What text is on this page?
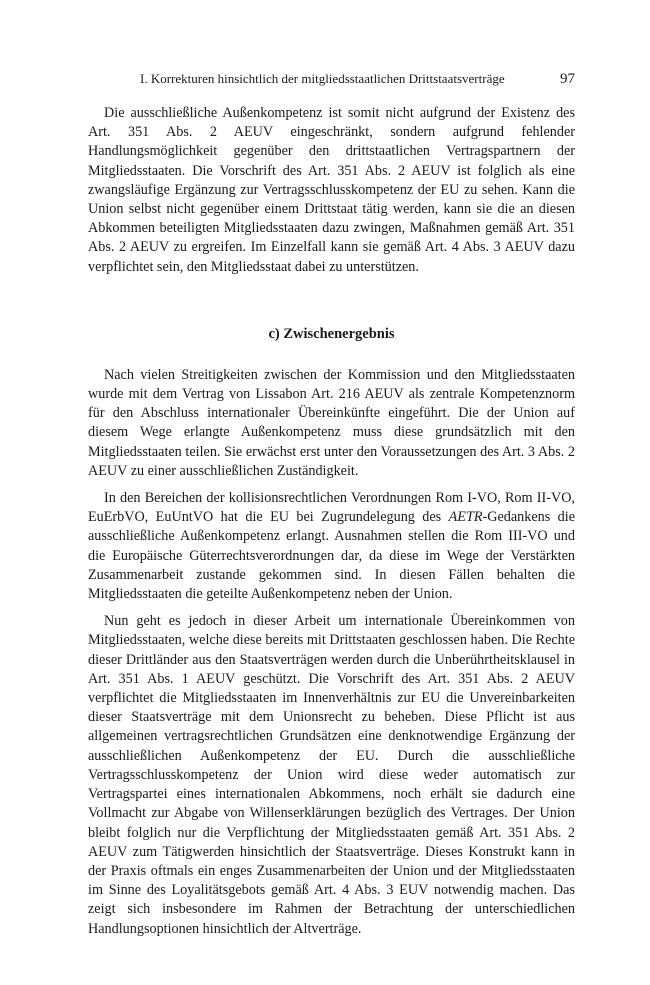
I. Korrekturen hinsichtlich der mitgliedsstaatlichen Drittstaatsverträge	97

Die ausschließliche Außenkompetenz ist somit nicht aufgrund der Existenz des Art. 351 Abs. 2 AEUV eingeschränkt, sondern aufgrund fehlender Handlungsmöglichkeit gegenüber den drittstaatlichen Vertragspartnern der Mitgliedsstaaten. Die Vorschrift des Art. 351 Abs. 2 AEUV ist folglich als eine zwangsläufige Ergänzung zur Vertragsschlusskompetenz der EU zu sehen. Kann die Union selbst nicht gegenüber einem Drittstaat tätig werden, kann sie die an diesen Abkommen beteiligten Mitgliedsstaaten dazu zwingen, Maßnahmen gemäß Art. 351 Abs. 2 AEUV zu ergreifen. Im Einzelfall kann sie gemäß Art. 4 Abs. 3 AEUV dazu verpflichtet sein, den Mitgliedsstaat dabei zu unterstützen.

c) Zwischenergebnis

Nach vielen Streitigkeiten zwischen der Kommission und den Mitgliedsstaaten wurde mit dem Vertrag von Lissabon Art. 216 AEUV als zentrale Kompetenznorm für den Abschluss internationaler Übereinkünfte eingeführt. Die der Union auf diesem Wege erlangte Außenkompetenz muss diese grundsätzlich mit den Mitgliedsstaaten teilen. Sie erwächst erst unter den Voraussetzungen des Art. 3 Abs. 2 AEUV zu einer ausschließlichen Zuständigkeit.

In den Bereichen der kollisionsrechtlichen Verordnungen Rom I-VO, Rom II-VO, EuErbVO, EuUntVO hat die EU bei Zugrundelegung des AETR-Gedankens die ausschließliche Außenkompetenz erlangt. Ausnahmen stellen die Rom III-VO und die Europäische Güterrechtsverordnungen dar, da diese im Wege der Verstärkten Zusammenarbeit zustande gekommen sind. In diesen Fällen behalten die Mitgliedsstaaten die geteilte Außenkompetenz neben der Union.

Nun geht es jedoch in dieser Arbeit um internationale Übereinkommen von Mitgliedsstaaten, welche diese bereits mit Drittstaaten geschlossen haben. Die Rechte dieser Drittländer aus den Staatsverträgen werden durch die Unberührtheitsklausel in Art. 351 Abs. 1 AEUV geschützt. Die Vorschrift des Art. 351 Abs. 2 AEUV verpflichtet die Mitgliedsstaaten im Innenverhältnis zur EU die Unvereinbarkeiten dieser Staatsverträge mit dem Unionsrecht zu beheben. Diese Pflicht ist aus allgemeinen vertragsrechtlichen Grundsätzen eine denknotwendige Ergänzung der ausschließlichen Außenkompetenz der EU. Durch die ausschließliche Vertragsschlusskompetenz der Union wird diese weder automatisch zur Vertragspartei eines internationalen Abkommens, noch erhält sie dadurch eine Vollmacht zur Abgabe von Willenserklärungen bezüglich des Vertrages. Der Union bleibt folglich nur die Verpflichtung der Mitgliedsstaaten gemäß Art. 351 Abs. 2 AEUV zum Tätigwerden hinsichtlich der Staatsverträge. Dieses Konstrukt kann in der Praxis oftmals ein enges Zusammenarbeiten der Union und der Mitgliedsstaaten im Sinne des Loyalitätsgebots gemäß Art. 4 Abs. 3 EUV notwendig machen. Das zeigt sich insbesondere im Rahmen der Betrachtung der unterschiedlichen Handlungsoptionen hinsichtlich der Altverträge.
